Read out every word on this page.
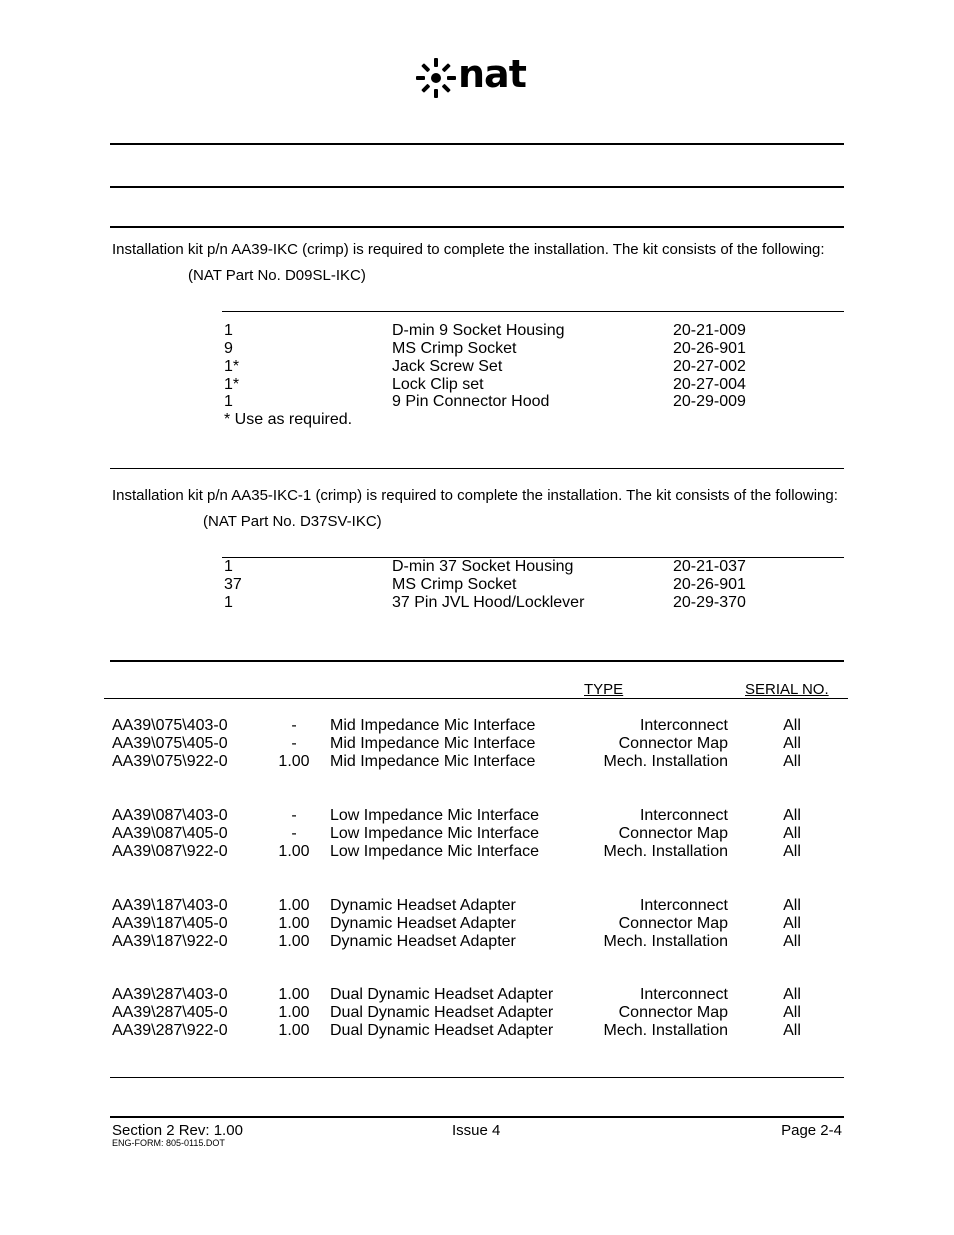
nat
Installation kit p/n AA39-IKC (crimp) is required to complete the installation. The kit consists of the following:
(NAT Part No. D09SL-IKC)
1	D-min 9 Socket Housing	20-21-009
9	MS Crimp Socket	20-26-901
1*	Jack Screw Set	20-27-002
1*	Lock Clip set	20-27-004
1	9 Pin Connector Hood	20-29-009
* Use as required.
Installation kit p/n AA35-IKC-1 (crimp) is required to complete the installation. The kit consists of the following:
(NAT Part No. D37SV-IKC)
1	D-min 37 Socket Housing	20-21-037
37	MS Crimp Socket	20-26-901
1	37 Pin JVL Hood/Locklever	20-29-370
TYPE	SERIAL NO.
AA39\075\403-0	-	Mid Impedance Mic Interface	Interconnect	All
AA39\075\405-0	-	Mid Impedance Mic Interface	Connector Map	All
AA39\075\922-0	1.00	Mid Impedance Mic Interface	Mech. Installation	All
AA39\087\403-0	-	Low Impedance Mic Interface	Interconnect	All
AA39\087\405-0	-	Low Impedance Mic Interface	Connector Map	All
AA39\087\922-0	1.00	Low Impedance Mic Interface	Mech. Installation	All
AA39\187\403-0	1.00	Dynamic Headset Adapter	Interconnect	All
AA39\187\405-0	1.00	Dynamic Headset Adapter	Connector Map	All
AA39\187\922-0	1.00	Dynamic Headset Adapter	Mech. Installation	All
AA39\287\403-0	1.00	Dual Dynamic Headset Adapter	Interconnect	All
AA39\287\405-0	1.00	Dual Dynamic Headset Adapter	Connector Map	All
AA39\287\922-0	1.00	Dual Dynamic Headset Adapter	Mech. Installation	All
Section 2 Rev: 1.00
ENG-FORM: 805-0115.DOT
Issue 4	Page 2-4
